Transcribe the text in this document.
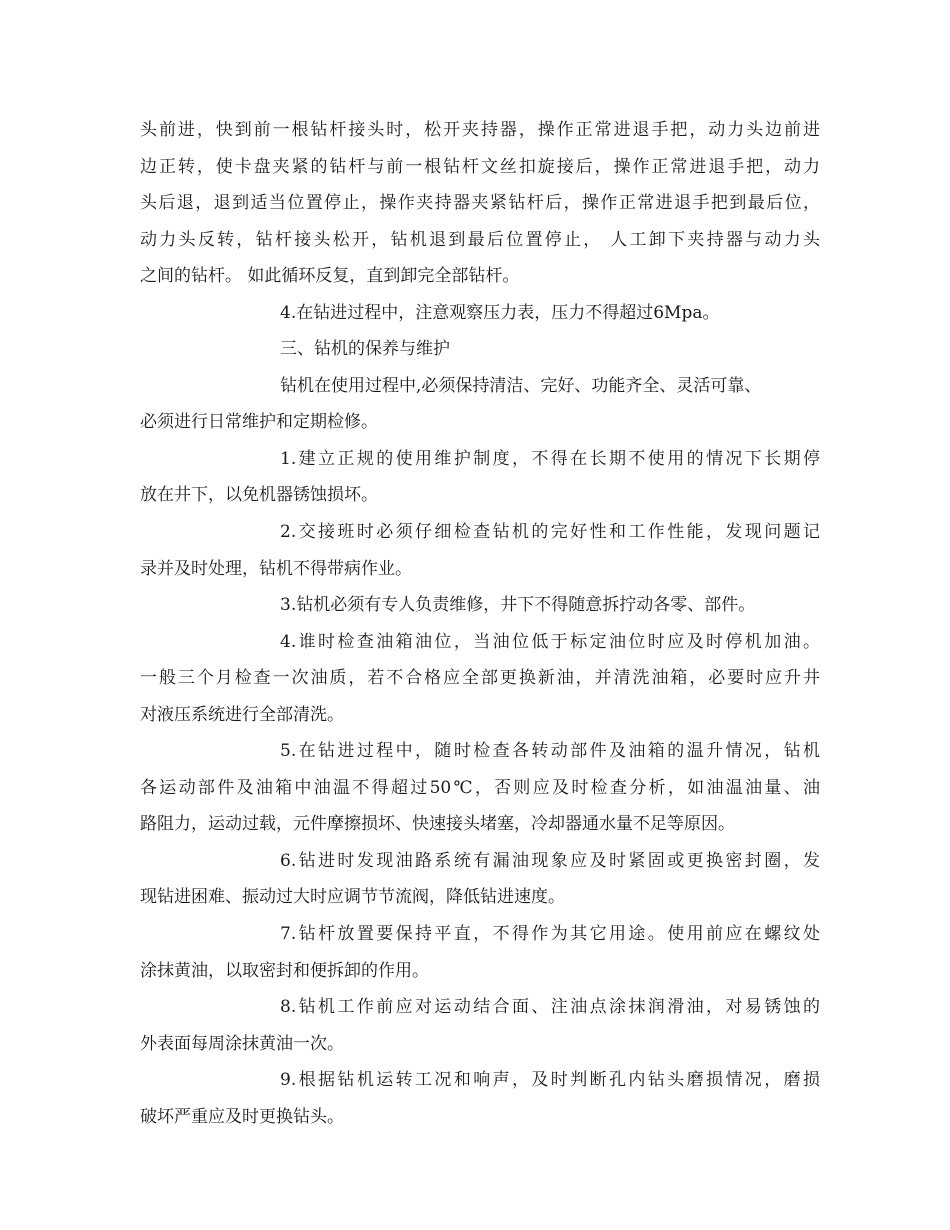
头前进，快到前一根钻杆接头时，松开夹持器，操作正常进退手把，动力头边前进
边正转，使卡盘夹紧的钻杆与前一根钻杆文丝扣旋接后，操作正常进退手把，动力
头后退，退到适当位置停止，操作夹持器夹紧钻杆后，操作正常进退手把到最后位，
动力头反转，钻杆接头松开，钻机退到最后位置停止， 人工卸下夹持器与动力头
之间的钻杆。 如此循环反复，直到卸完全部钻杆。
4.在钻进过程中，注意观察压力表，压力不得超过6Mpa。
三、钻机的保养与维护
钻机在使用过程中,必须保持清洁、完好、功能齐全、灵活可靠、
必须进行日常维护和定期检修。
1.建立正规的使用维护制度，不得在长期不使用的情况下长期停
放在井下，以免机器锈蚀损坏。
2.交接班时必须仔细检查钻机的完好性和工作性能，发现问题记
录并及时处理，钻机不得带病作业。
3.钻机必须有专人负责维修，井下不得随意拆拧动各零、部件。
4.谁时检查油箱油位，当油位低于标定油位时应及时停机加油。
一般三个月检查一次油质，若不合格应全部更换新油，并清洗油箱，必要时应升井
对液压系统进行全部清洗。
5.在钻进过程中，随时检查各转动部件及油箱的温升情况，钻机
各运动部件及油箱中油温不得超过50℃，否则应及时检查分析，如油温油量、油
路阻力，运动过载，元件摩擦损坏、快速接头堵塞，冷却器通水量不足等原因。
6.钻进时发现油路系统有漏油现象应及时紧固或更换密封圈，发
现钻进困难、振动过大时应调节节流阀，降低钻进速度。
7.钻杆放置要保持平直，不得作为其它用途。使用前应在螺纹处
涂抹黄油，以取密封和便拆卸的作用。
8.钻机工作前应对运动结合面、注油点涂抹润滑油，对易锈蚀的
外表面每周涂抹黄油一次。
9.根据钻机运转工况和响声，及时判断孔内钻头磨损情况，磨损
破坏严重应及时更换钻头。
